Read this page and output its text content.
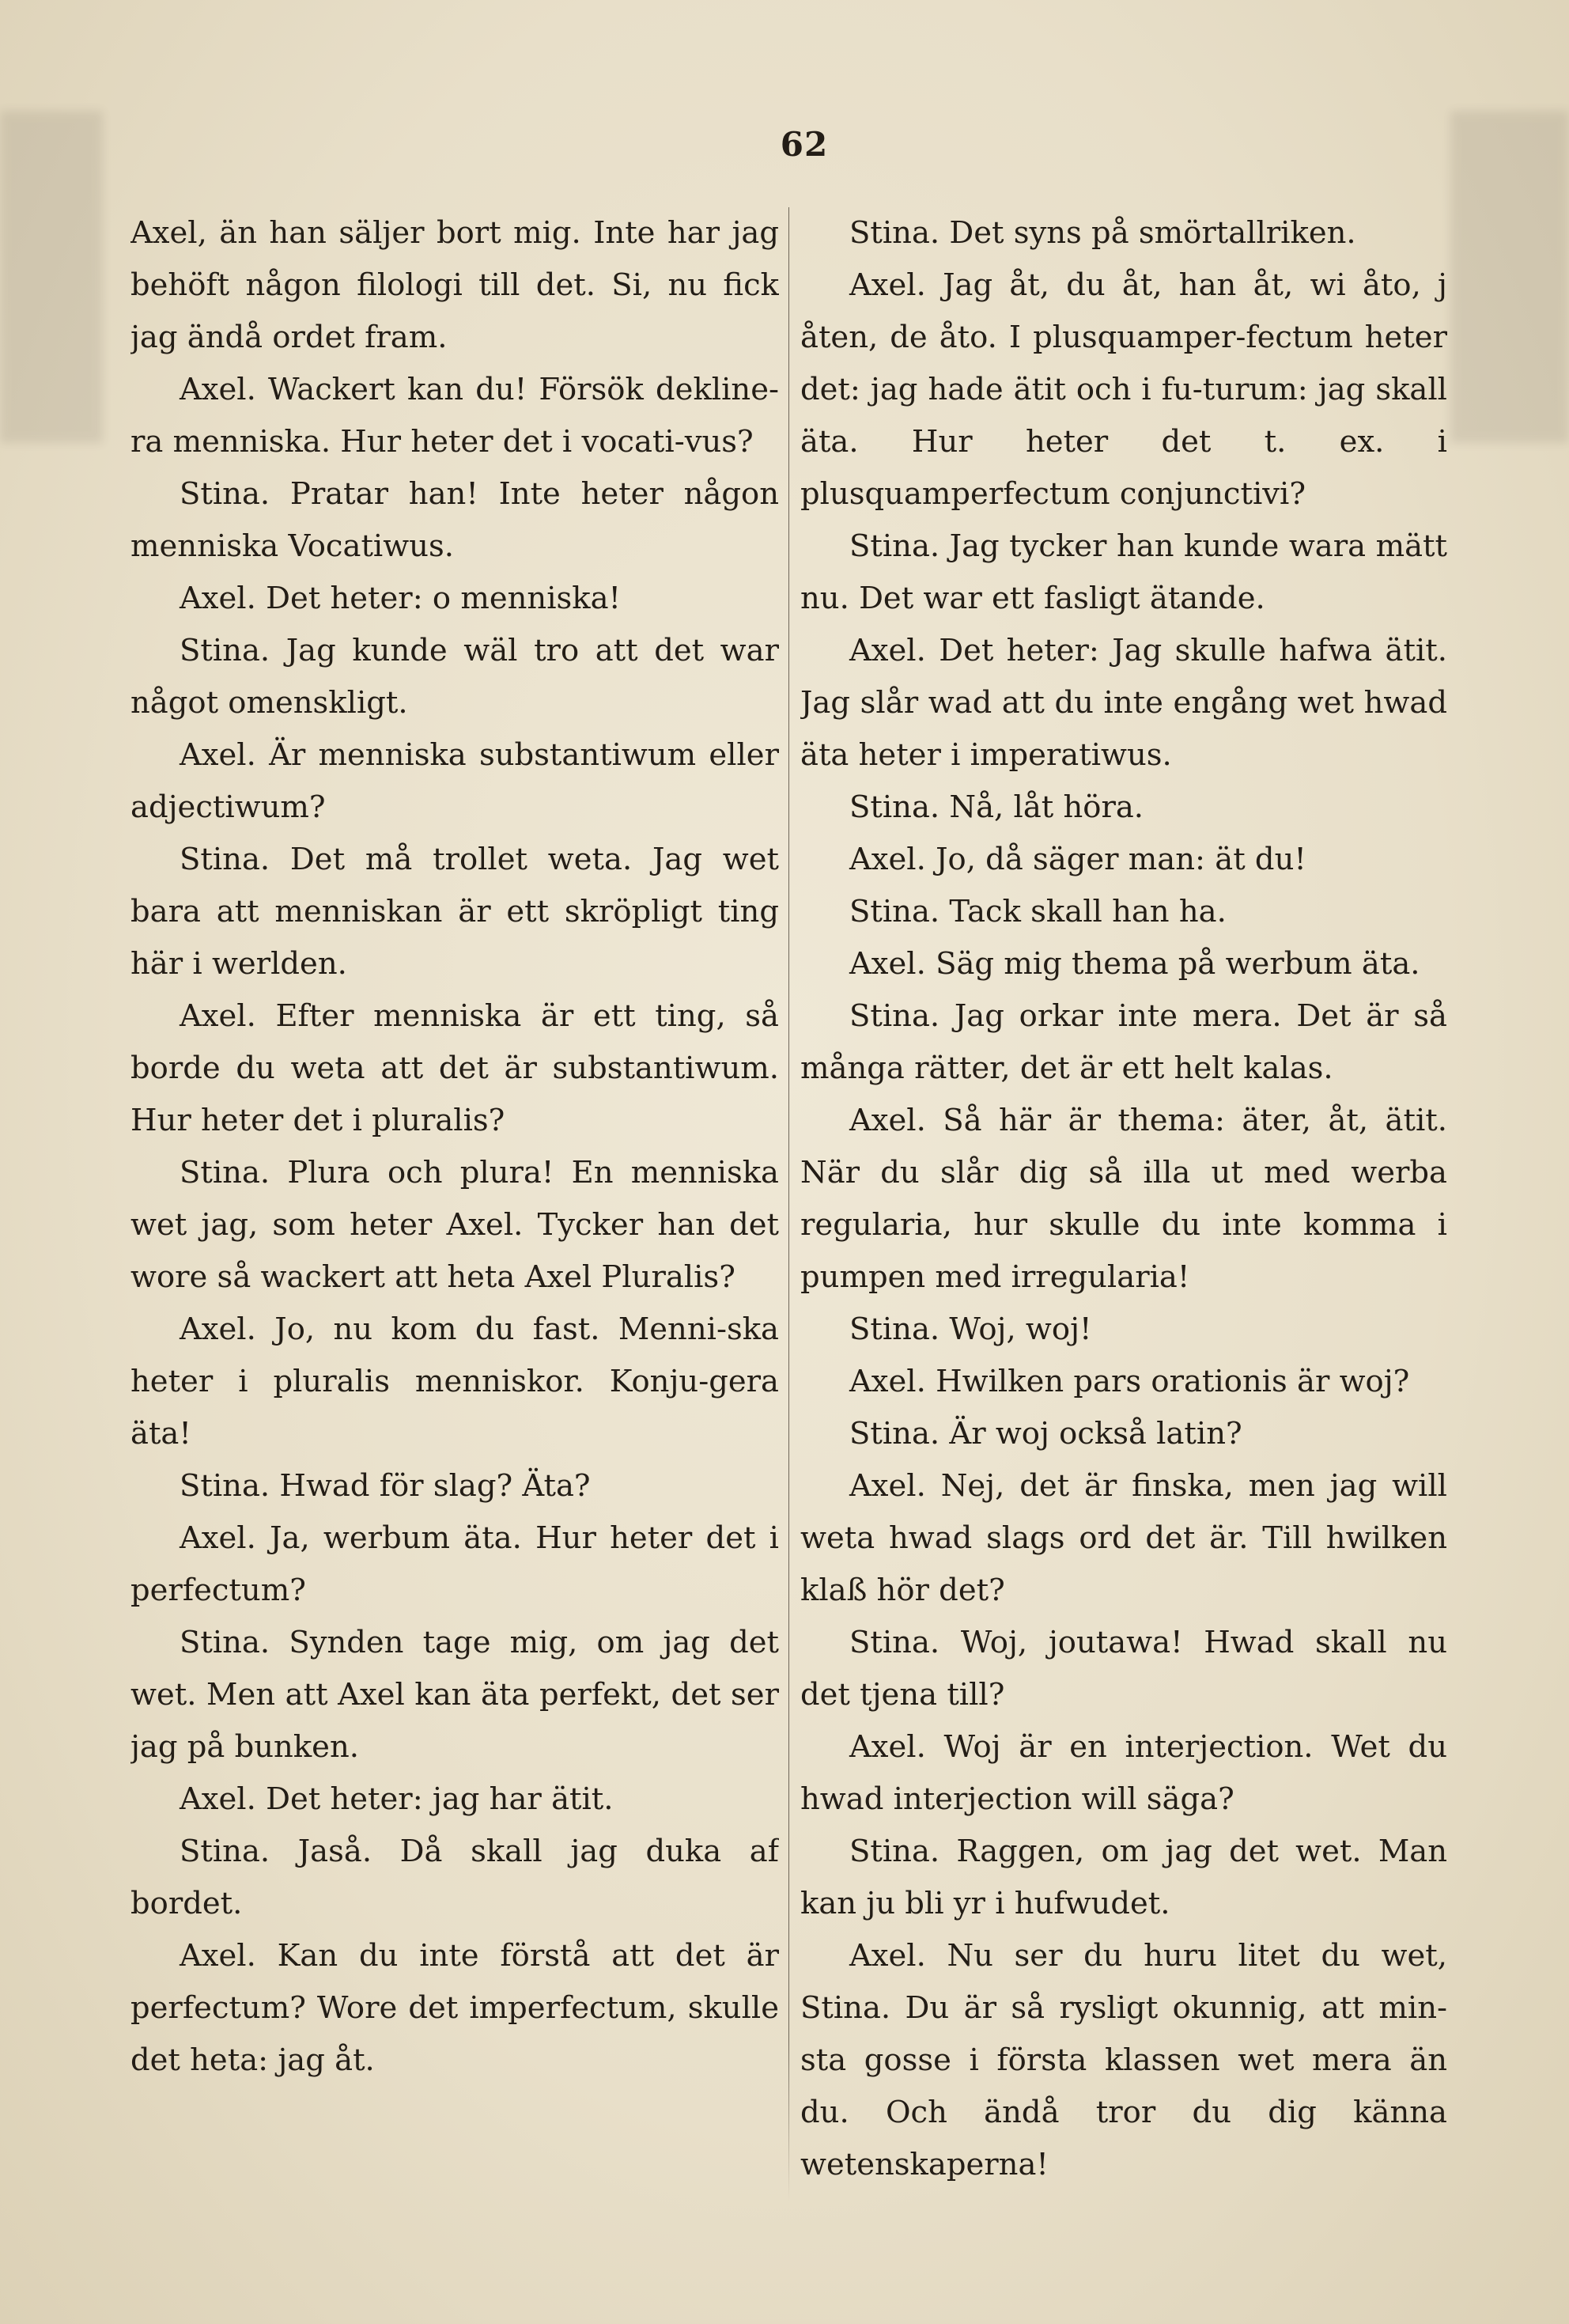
62

Axel, än han säljer bort mig. Inte har jag behöft någon filologi till det. Si, nu fick jag ändå ordet fram.

Axel. Wackert kan du! Försök dekline-ra menniska. Hur heter det i vocati-vus?

Stina. Pratar han! Inte heter någon menniska Vocatiwus.

Axel. Det heter: o menniska!

Stina. Jag kunde wäl tro att det war något omenskligt.

Axel. Är menniska substantiwum eller adjectiwum?

Stina. Det må trollet weta. Jag wet bara att menniskan är ett skröpligt ting här i werlden.

Axel. Efter menniska är ett ting, så borde du weta att det är substantiwum. Hur heter det i pluralis?

Stina. Plura och plura! En menniska wet jag, som heter Axel. Tycker han det wore så wackert att heta Axel Pluralis?

Axel. Jo, nu kom du fast. Menni-ska heter i pluralis menniskor. Konju-gera äta!

Stina. Hwad för slag? Äta?

Axel. Ja, werbum äta. Hur heter det i perfectum?

Stina. Synden tage mig, om jag det wet. Men att Axel kan äta perfekt, det ser jag på bunken.

Axel. Det heter: jag har ätit.

Stina. Jaså. Då skall jag duka af bordet.

Axel. Kan du inte förstå att det är perfectum? Wore det imperfectum, skulle det heta: jag åt.

Stina. Det syns på smörtallriken.

Axel. Jag åt, du åt, han åt, wi åto, j åten, de åto. I plusquamper-fectum heter det: jag hade ätit och i fu-turum: jag skall äta. Hur heter det t. ex. i plusquamperfectum conjunctivi?

Stina. Jag tycker han kunde wara mätt nu. Det war ett fasligt ätande.

Axel. Det heter: Jag skulle hafwa ätit. Jag slår wad att du inte engång wet hwad äta heter i imperatiwus.

Stina. Nå, låt höra.

Axel. Jo, då säger man: ät du!

Stina. Tack skall han ha.

Axel. Säg mig thema på werbum äta.

Stina. Jag orkar inte mera. Det är så många rätter, det är ett helt kalas.

Axel. Så här är thema: äter, åt, ätit. När du slår dig så illa ut med werba regularia, hur skulle du inte komma i pumpen med irregularia!

Stina. Woj, woj!

Axel. Hwilken pars orationis är woj?

Stina. Är woj också latin?

Axel. Nej, det är finska, men jag will weta hwad slags ord det är. Till hwilken klaß hör det?

Stina. Woj, joutawa! Hwad skall nu det tjena till?

Axel. Woj är en interjection. Wet du hwad interjection will säga?

Stina. Raggen, om jag det wet. Man kan ju bli yr i hufwudet.

Axel. Nu ser du huru litet du wet, Stina. Du är så rysligt okunnig, att min-sta gosse i första klassen wet mera än du. Och ändå tror du dig känna wetenskaperna!
